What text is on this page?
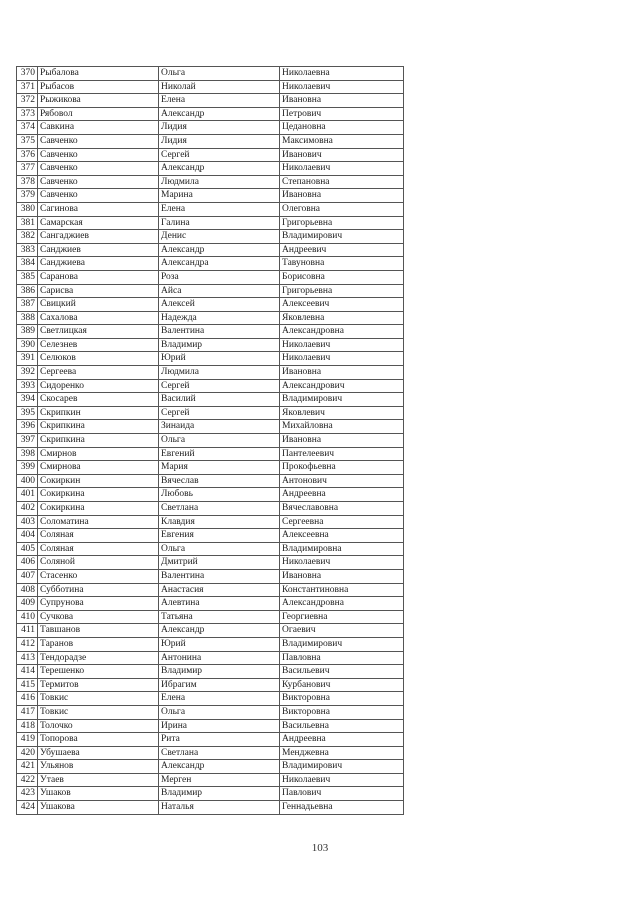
370	Рыбалова	Ольга	Николаевна
371	Рыбасов	Николай	Николаевич
372	Рыжикова	Елена	Ивановна
373	Рябовол	Александр	Петрович
374	Савкина	Лидия	Цедановна
375	Савченко	Лидия	Максимовна
376	Савченко	Сергей	Иванович
377	Савченко	Александр	Николаевич
378	Савченко	Людмила	Степановна
379	Савченко	Марина	Ивановна
380	Сагинова	Елена	Олеговна
381	Самарская	Галина	Григорьевна
382	Сангаджиев	Денис	Владимирович
383	Санджиев	Александр	Андреевич
384	Санджиева	Александра	Тавуновна
385	Саранова	Роза	Борисовна
386	Сарисва	Айса	Григорьевна
387	Свицкий	Алексей	Алексеевич
388	Сахалова	Надежда	Яковлевна
389	Светлицкая	Валентина	Александровна
390	Селезнев	Владимир	Николаевич
391	Селюков	Юрий	Николаевич
392	Сергеева	Людмила	Ивановна
393	Сидоренко	Сергей	Александрович
394	Скосарев	Василий	Владимирович
395	Скрипкин	Сергей	Яковлевич
396	Скрипкина	Зинаида	Михайловна
397	Скрипкина	Ольга	Ивановна
398	Смирнов	Евгений	Пантелеевич
399	Смирнова	Мария	Прокофьевна
400	Сокиркин	Вячеслав	Антонович
401	Сокиркина	Любовь	Андреевна
402	Сокиркина	Светлана	Вячеславовна
403	Соломатина	Клавдия	Сергеевна
404	Соляная	Евгения	Алексеевна
405	Соляная	Ольга	Владимировна
406	Соляной	Дмитрий	Николаевич
407	Стасенко	Валентина	Ивановна
408	Субботина	Анастасия	Константиновна
409	Супрунова	Алевтина	Александровна
410	Сучкова	Татьяна	Георгиевна
411	Тавшанов	Александр	Огаевич
412	Таранов	Юрий	Владимирович
413	Тендорадзе	Антонина	Павловна
414	Терешенко	Владимир	Васильевич
415	Термитов	Ибрагим	Курбанович
416	Товкис	Елена	Викторовна
417	Товкис	Ольга	Викторовна
418	Толочко	Ирина	Васильевна
419	Топорова	Рита	Андреевна
420	Убушаева	Светлана	Менджевна
421	Ульянов	Александр	Владимирович
422	Утаев	Мерген	Николаевич
423	Ушаков	Владимир	Павлович
424	Ушакова	Наталья	Геннадьевна
103
